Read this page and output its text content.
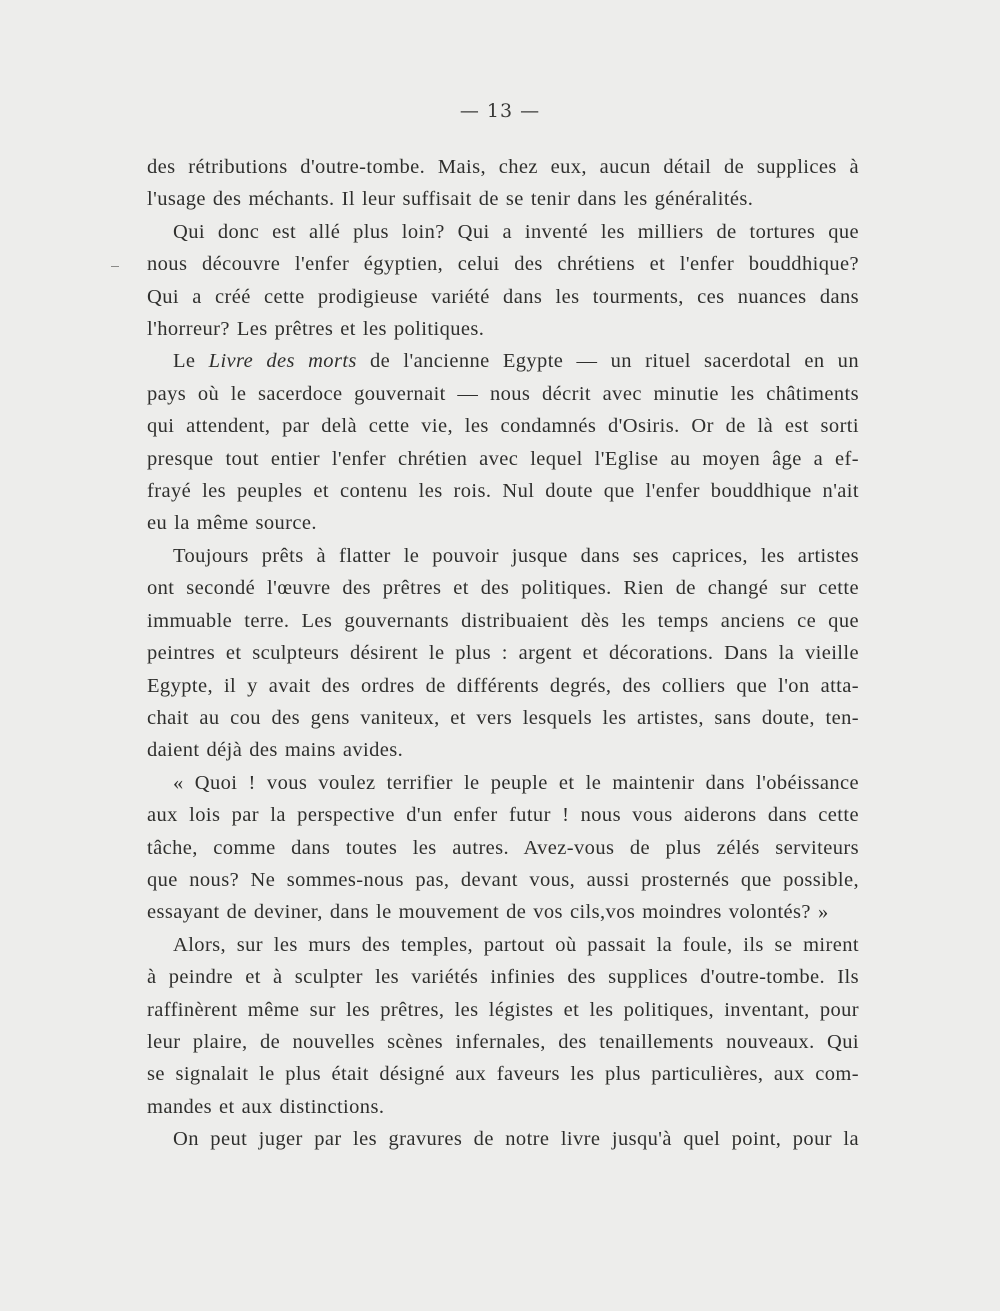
— 13 —
des rétributions d'outre-tombe. Mais, chez eux, aucun détail de supplices à
l'usage des méchants. Il leur suffisait de se tenir dans les généralités.
Qui donc est allé plus loin? Qui a inventé les milliers de tortures que
nous découvre l'enfer égyptien, celui des chrétiens et l'enfer bouddhique?
Qui a créé cette prodigieuse variété dans les tourments, ces nuances dans
l'horreur? Les prêtres et les politiques.
Le Livre des morts de l'ancienne Egypte — un rituel sacerdotal en un
pays où le sacerdoce gouvernait — nous décrit avec minutie les châtiments
qui attendent, par delà cette vie, les condamnés d'Osiris. Or de là est sorti
presque tout entier l'enfer chrétien avec lequel l'Eglise au moyen âge a ef-
frayé les peuples et contenu les rois. Nul doute que l'enfer bouddhique n'ait
eu la même source.
Toujours prêts à flatter le pouvoir jusque dans ses caprices, les artistes
ont secondé l'œuvre des prêtres et des politiques. Rien de changé sur cette
immuable terre. Les gouvernants distribuaient dès les temps anciens ce que
peintres et sculpteurs désirent le plus : argent et décorations. Dans la vieille
Egypte, il y avait des ordres de différents degrés, des colliers que l'on atta-
chait au cou des gens vaniteux, et vers lesquels les artistes, sans doute, ten-
daient déjà des mains avides.
« Quoi ! vous voulez terrifier le peuple et le maintenir dans l'obéissance
aux lois par la perspective d'un enfer futur ! nous vous aiderons dans cette
tâche, comme dans toutes les autres. Avez-vous de plus zélés serviteurs
que nous? Ne sommes-nous pas, devant vous, aussi prosternés que possible,
essayant de deviner, dans le mouvement de vos cils,vos moindres volontés? »
Alors, sur les murs des temples, partout où passait la foule, ils se mirent
à peindre et à sculpter les variétés infinies des supplices d'outre-tombe. Ils
raffinèrent même sur les prêtres, les légistes et les politiques, inventant, pour
leur plaire, de nouvelles scènes infernales, des tenaillements nouveaux. Qui
se signalait le plus était désigné aux faveurs les plus particulières, aux com-
mandes et aux distinctions.
On peut juger par les gravures de notre livre jusqu'à quel point, pour la
